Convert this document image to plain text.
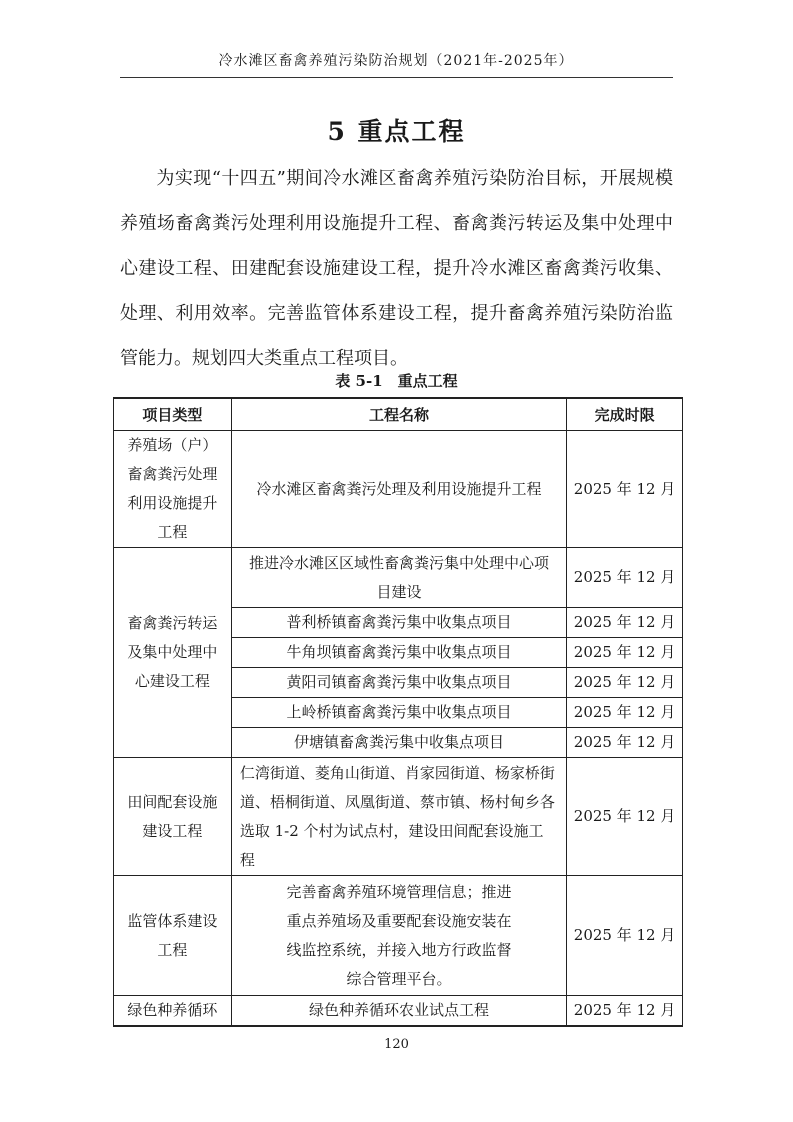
冷水滩区畜禽养殖污染防治规划（2021年-2025年）
5 重点工程

为实现“十四五”期间冷水滩区畜禽养殖污染防治目标，开展规模养殖场畜禽粪污处理利用设施提升工程、畜禽粪污转运及集中处理中心建设工程、田建配套设施建设工程，提升冷水滩区畜禽粪污收集、处理、利用效率。完善监管体系建设工程，提升畜禽养殖污染防治监管能力。规划四大类重点工程项目。

表 5-1　重点工程
项目类型	工程名称	完成时限
养殖场（户）畜禽粪污处理利用设施提升工程	冷水滩区畜禽粪污处理及利用设施提升工程	2025 年 12 月
畜禽粪污转运及集中处理中心建设工程	推进冷水滩区区域性畜禽粪污集中处理中心项目建设	2025 年 12 月
	普利桥镇畜禽粪污集中收集点项目	2025 年 12 月
	牛角坝镇畜禽粪污集中收集点项目	2025 年 12 月
	黄阳司镇畜禽粪污集中收集点项目	2025 年 12 月
	上岭桥镇畜禽粪污集中收集点项目	2025 年 12 月
	伊塘镇畜禽粪污集中收集点项目	2025 年 12 月
田间配套设施建设工程	仁湾街道、菱角山街道、肖家园街道、杨家桥街道、梧桐街道、凤凰街道、蔡市镇、杨村甸乡各选取 1-2 个村为试点村，建设田间配套设施工程	2025 年 12 月
监管体系建设工程	完善畜禽养殖环境管理信息；推进重点养殖场及重要配套设施安装在线监控系统，并接入地方行政监督综合管理平台。	2025 年 12 月
绿色种养循环	绿色种养循环农业试点工程	2025 年 12 月
120
